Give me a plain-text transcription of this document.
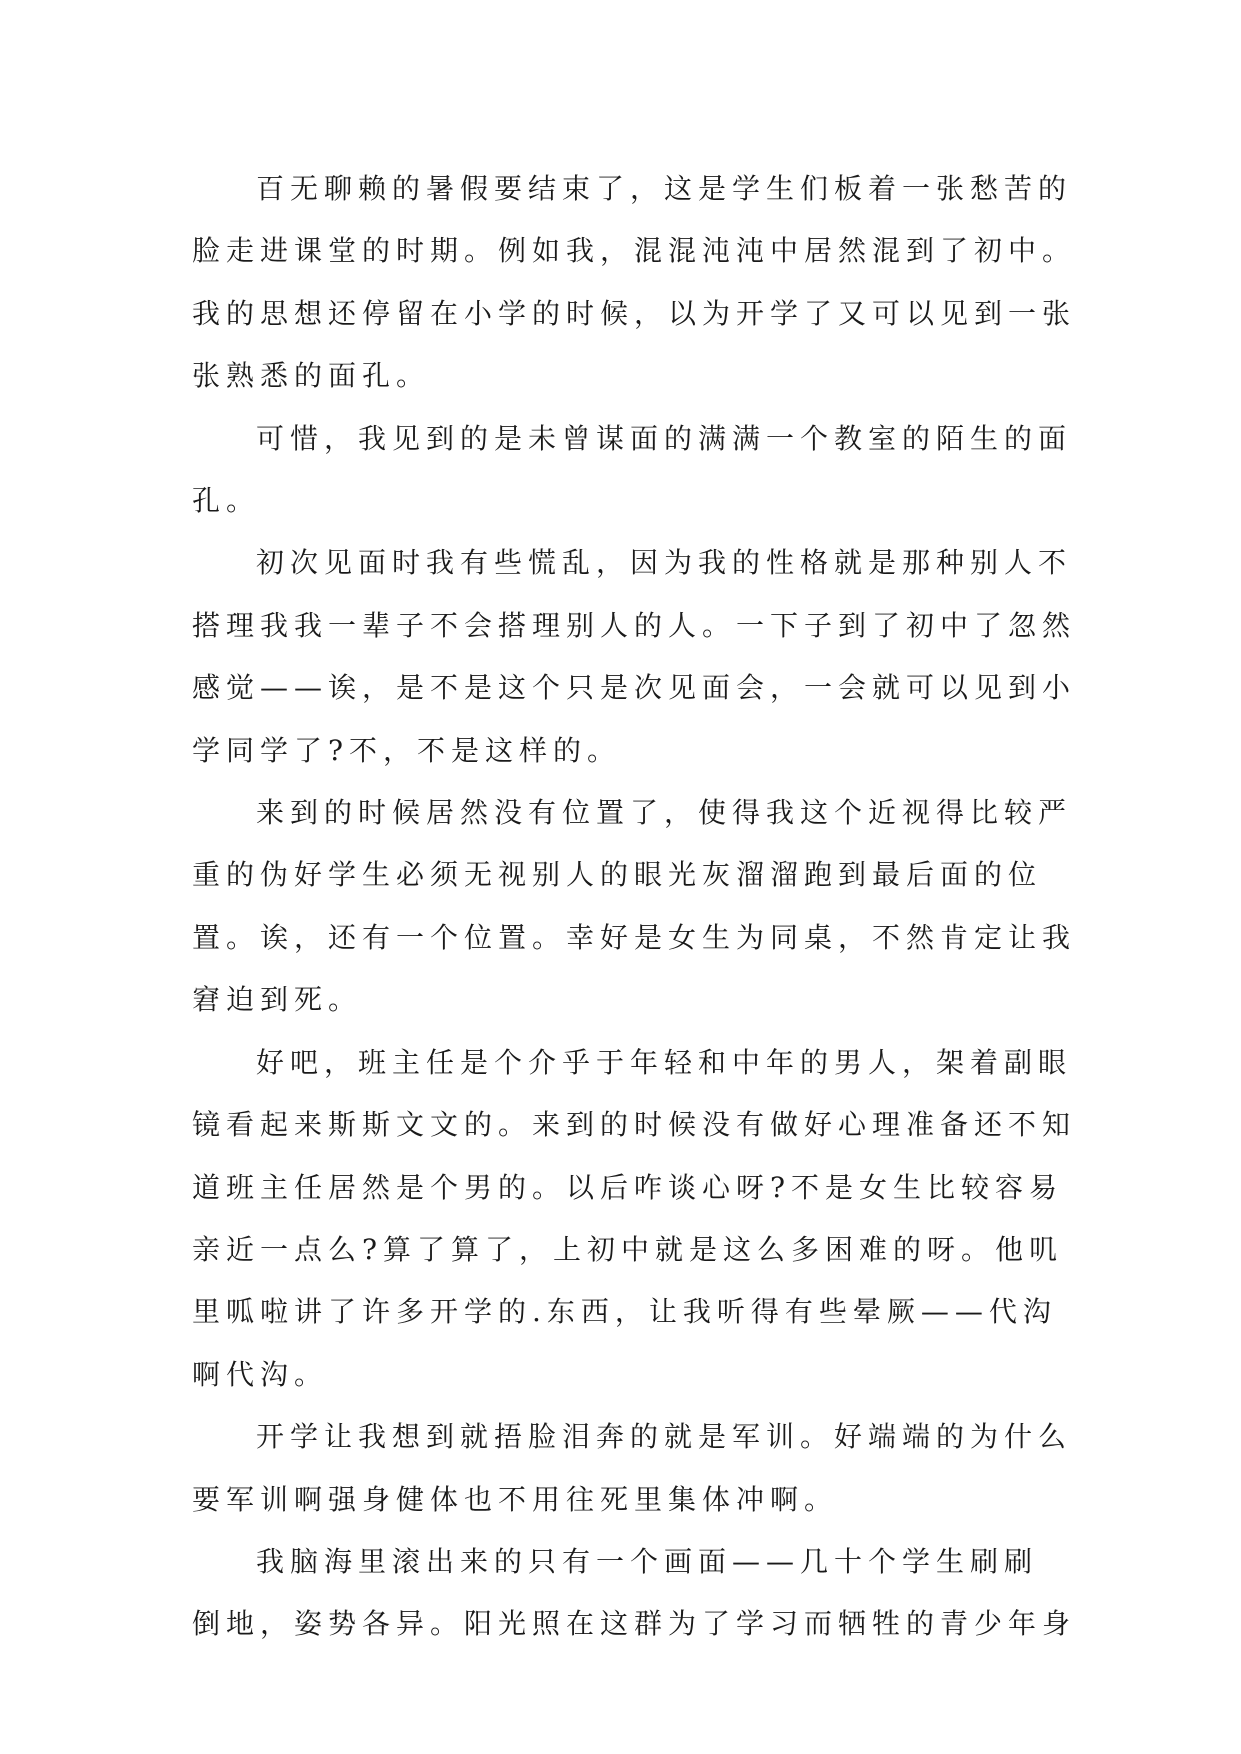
百无聊赖的暑假要结束了，这是学生们板着一张愁苦的
脸走进课堂的时期。例如我，混混沌沌中居然混到了初中。
我的思想还停留在小学的时候，以为开学了又可以见到一张
张熟悉的面孔。

可惜，我见到的是未曾谋面的满满一个教室的陌生的面
孔。

初次见面时我有些慌乱，因为我的性格就是那种别人不
搭理我我一辈子不会搭理别人的人。一下子到了初中了忽然
感觉——诶，是不是这个只是次见面会，一会就可以见到小
学同学了?不，不是这样的。

来到的时候居然没有位置了，使得我这个近视得比较严
重的伪好学生必须无视别人的眼光灰溜溜跑到最后面的位
置。诶，还有一个位置。幸好是女生为同桌，不然肯定让我
窘迫到死。

好吧，班主任是个介乎于年轻和中年的男人，架着副眼
镜看起来斯斯文文的。来到的时候没有做好心理准备还不知
道班主任居然是个男的。以后咋谈心呀?不是女生比较容易
亲近一点么?算了算了，上初中就是这么多困难的呀。他叽
里呱啦讲了许多开学的.东西，让我听得有些晕厥——代沟
啊代沟。

开学让我想到就捂脸泪奔的就是军训。好端端的为什么
要军训啊强身健体也不用往死里集体冲啊。

我脑海里滚出来的只有一个画面——几十个学生刷刷
倒地，姿势各异。阳光照在这群为了学习而牺牲的青少年身
